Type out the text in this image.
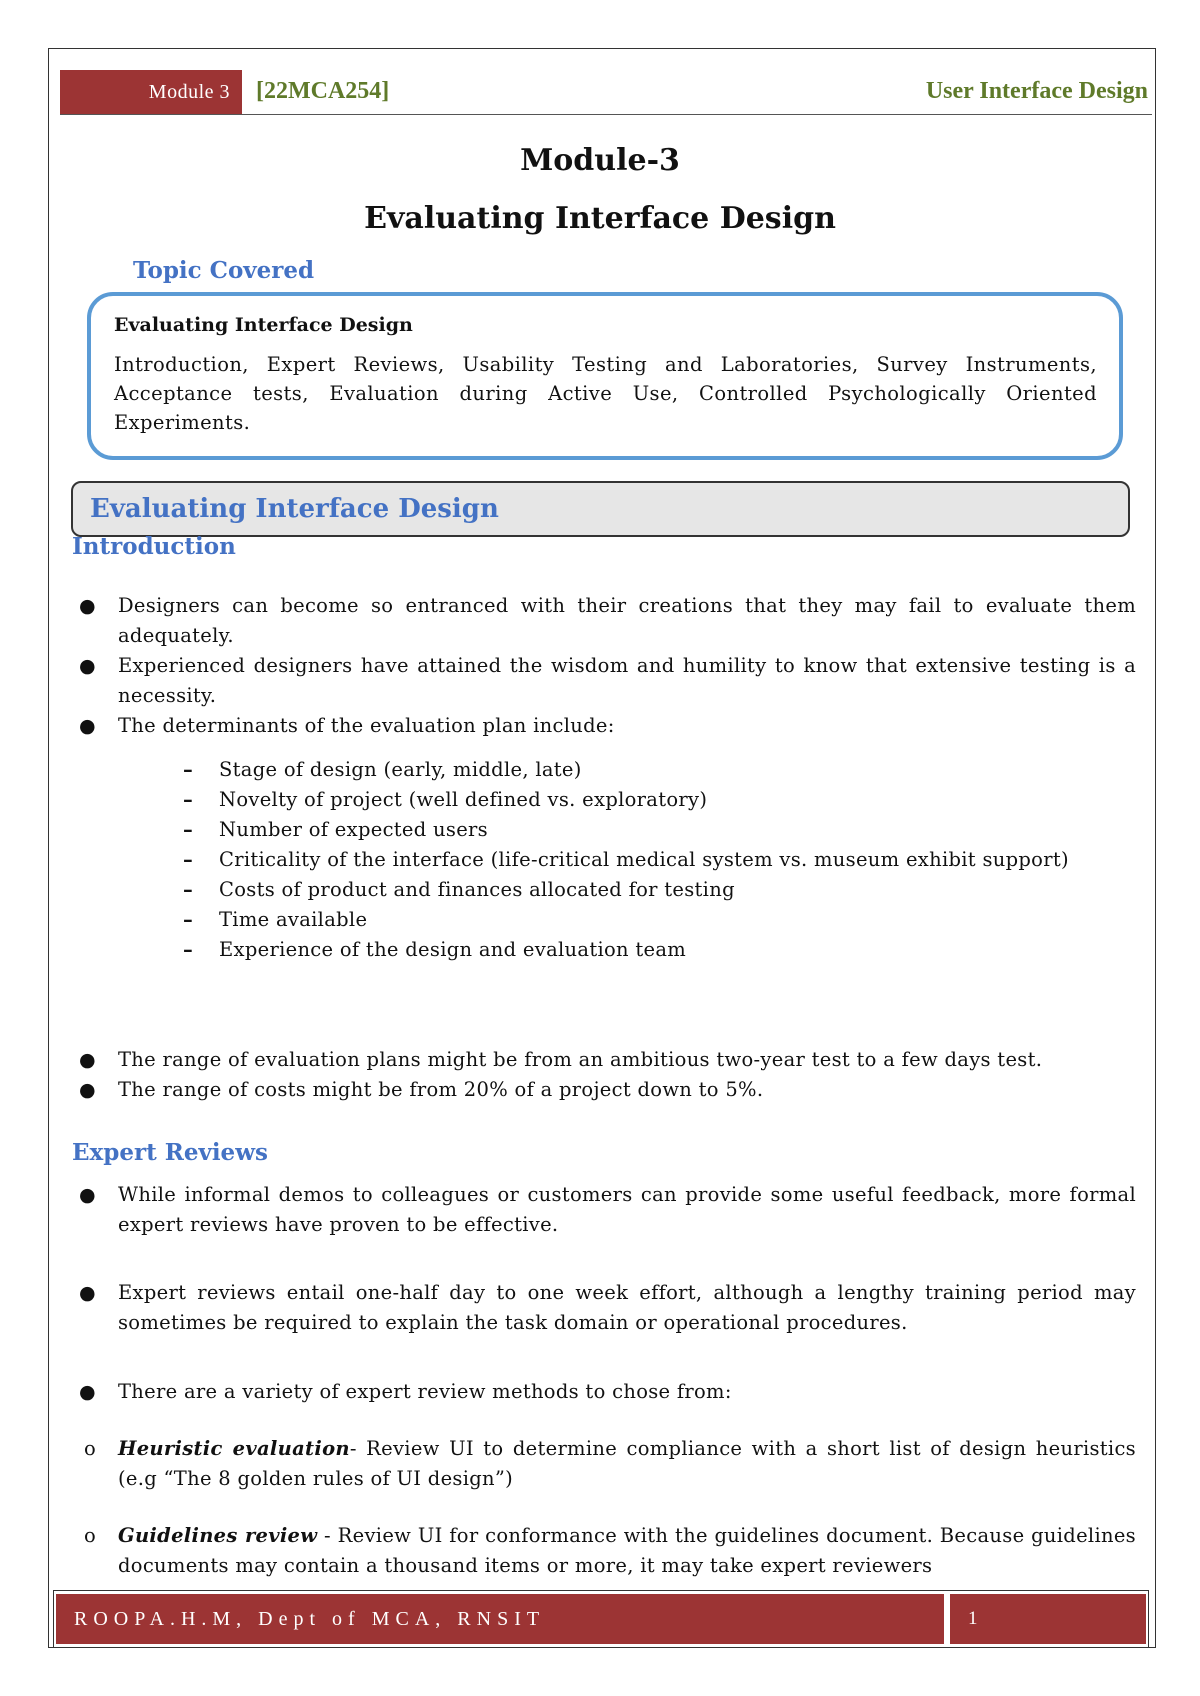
Module 3	[22MCA254]	User Interface Design
Module-3
Evaluating Interface Design
Topic Covered
Evaluating Interface Design
Introduction, Expert Reviews, Usability Testing and Laboratories, Survey Instruments, Acceptance tests, Evaluation during Active Use, Controlled Psychologically Oriented Experiments.
Evaluating Interface Design
Introduction
● Designers can become so entranced with their creations that they may fail to evaluate them adequately.
● Experienced designers have attained the wisdom and humility to know that extensive testing is a necessity.
● The determinants of the evaluation plan include:
– Stage of design (early, middle, late)
– Novelty of project (well defined vs. exploratory)
– Number of expected users
– Criticality of the interface (life-critical medical system vs. museum exhibit support)
– Costs of product and finances allocated for testing
– Time available
– Experience of the design and evaluation team
● The range of evaluation plans might be from an ambitious two-year test to a few days test.
● The range of costs might be from 20% of a project down to 5%.
Expert Reviews
● While informal demos to colleagues or customers can provide some useful feedback, more formal expert reviews have proven to be effective.
● Expert reviews entail one-half day to one week effort, although a lengthy training period may sometimes be required to explain the task domain or operational procedures.
● There are a variety of expert review methods to chose from:
o	Heuristic evaluation- Review UI to determine compliance with a short list of design heuristics (e.g “The 8 golden rules of UI design”)
o	Guidelines review - Review UI for conformance with the guidelines document. Because guidelines documents may contain a thousand items or more, it may take expert reviewers
ROOPA.H.M, Dept of MCA, RNSIT	1
